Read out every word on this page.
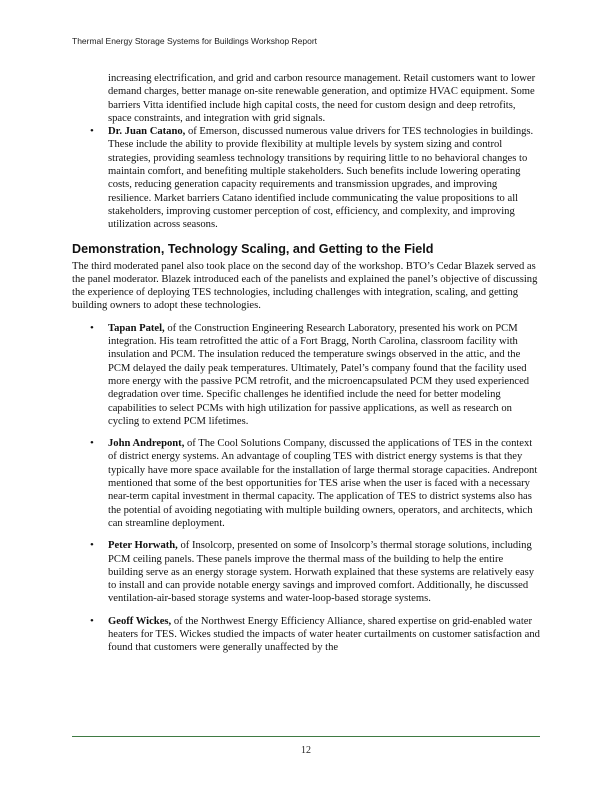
Thermal Energy Storage Systems for Buildings Workshop Report

increasing electrification, and grid and carbon resource management. Retail customers want to lower demand charges, better manage on-site renewable generation, and optimize HVAC equipment. Some barriers Vitta identified include high capital costs, the need for custom design and deep retrofits, space constraints, and integration with grid signals.

• Dr. Juan Catano, of Emerson, discussed numerous value drivers for TES technologies in buildings. These include the ability to provide flexibility at multiple levels by system sizing and control strategies, providing seamless technology transitions by requiring little to no behavioral changes to maintain comfort, and benefiting multiple stakeholders. Such benefits include lowering operating costs, reducing generation capacity requirements and transmission upgrades, and improving resilience. Market barriers Catano identified include communicating the value propositions to all stakeholders, improving customer perception of cost, efficiency, and complexity, and improving utilization across seasons.
Demonstration, Technology Scaling, and Getting to the Field

The third moderated panel also took place on the second day of the workshop. BTO’s Cedar Blazek served as the panel moderator. Blazek introduced each of the panelists and explained the panel’s objective of discussing the experience of deploying TES technologies, including challenges with integration, scaling, and getting building owners to adopt these technologies.

• Tapan Patel, of the Construction Engineering Research Laboratory, presented his work on PCM integration. His team retrofitted the attic of a Fort Bragg, North Carolina, classroom facility with insulation and PCM. The insulation reduced the temperature swings observed in the attic, and the PCM delayed the daily peak temperatures. Ultimately, Patel’s company found that the facility used more energy with the passive PCM retrofit, and the microencapsulated PCM they used experienced degradation over time. Specific challenges he identified include the need for better modeling capabilities to select PCMs with high utilization for passive applications, as well as research on cycling to extend PCM lifetimes.
• John Andrepont, of The Cool Solutions Company, discussed the applications of TES in the context of district energy systems. An advantage of coupling TES with district energy systems is that they typically have more space available for the installation of large thermal storage capacities. Andrepont mentioned that some of the best opportunities for TES arise when the user is faced with a necessary near-term capital investment in thermal capacity. The application of TES to district systems also has the potential of avoiding negotiating with multiple building owners, operators, and architects, which can streamline deployment.
• Peter Horwath, of Insolcorp, presented on some of Insolcorp’s thermal storage solutions, including PCM ceiling panels. These panels improve the thermal mass of the building to help the entire building serve as an energy storage system. Horwath explained that these systems are relatively easy to install and can provide notable energy savings and improved comfort. Additionally, he discussed ventilation-air-based storage systems and water-loop-based storage systems.
• Geoff Wickes, of the Northwest Energy Efficiency Alliance, shared expertise on grid-enabled water heaters for TES. Wickes studied the impacts of water heater curtailments on customer satisfaction and found that customers were generally unaffected by the
12
